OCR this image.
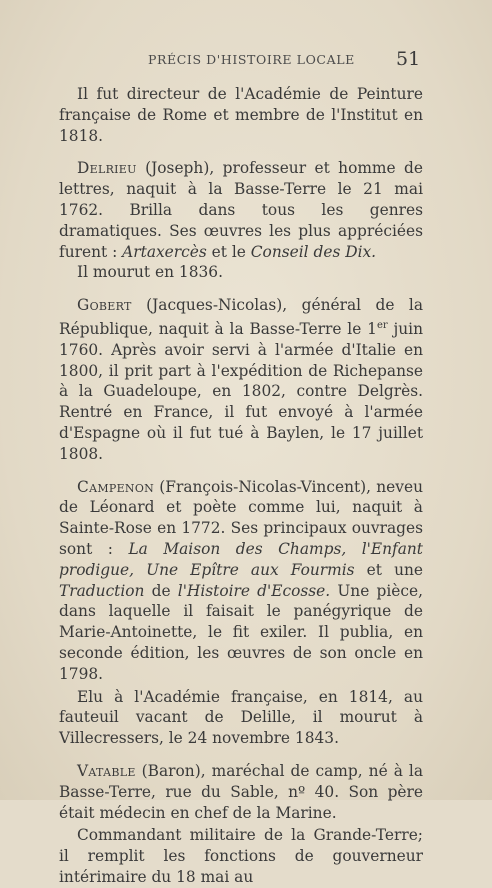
PRÉCIS D'HISTOIRE LOCALE 51

Il fut directeur de l'Académie de Peinture française de Rome et membre de l'Institut en 1818.

Delrieu (Joseph), professeur et homme de lettres, naquit à la Basse-Terre le 21 mai 1762. Brilla dans tous les genres dramatiques. Ses œuvres les plus appréciées furent : Artaxercès et le Conseil des Dix.

Il mourut en 1836.

Gobert (Jacques-Nicolas), général de la République, naquit à la Basse-Terre le 1er juin 1760. Après avoir servi à l'armée d'Italie en 1800, il prit part à l'expédition de Richepanse à la Guadeloupe, en 1802, contre Delgrès. Rentré en France, il fut envoyé à l'armée d'Espagne où il fut tué à Baylen, le 17 juillet 1808.

Campenon (François-Nicolas-Vincent), neveu de Léonard et poète comme lui, naquit à Sainte-Rose en 1772. Ses principaux ouvrages sont : La Maison des Champs, l'Enfant prodigue, Une Epître aux Fourmis et une Traduction de l'Histoire d'Ecosse. Une pièce, dans laquelle il faisait le panégyrique de Marie-Antoinette, le fit exiler. Il publia, en seconde édition, les œuvres de son oncle en 1798.

Elu à l'Académie française, en 1814, au fauteuil vacant de Delille, il mourut à Villecressers, le 24 novembre 1843.

Vatable (Baron), maréchal de camp, né à la Basse-Terre, rue du Sable, nº 40. Son père était médecin en chef de la Marine.

Commandant militaire de la Grande-Terre; il remplit les fonctions de gouverneur intérimaire du 18 mai au
